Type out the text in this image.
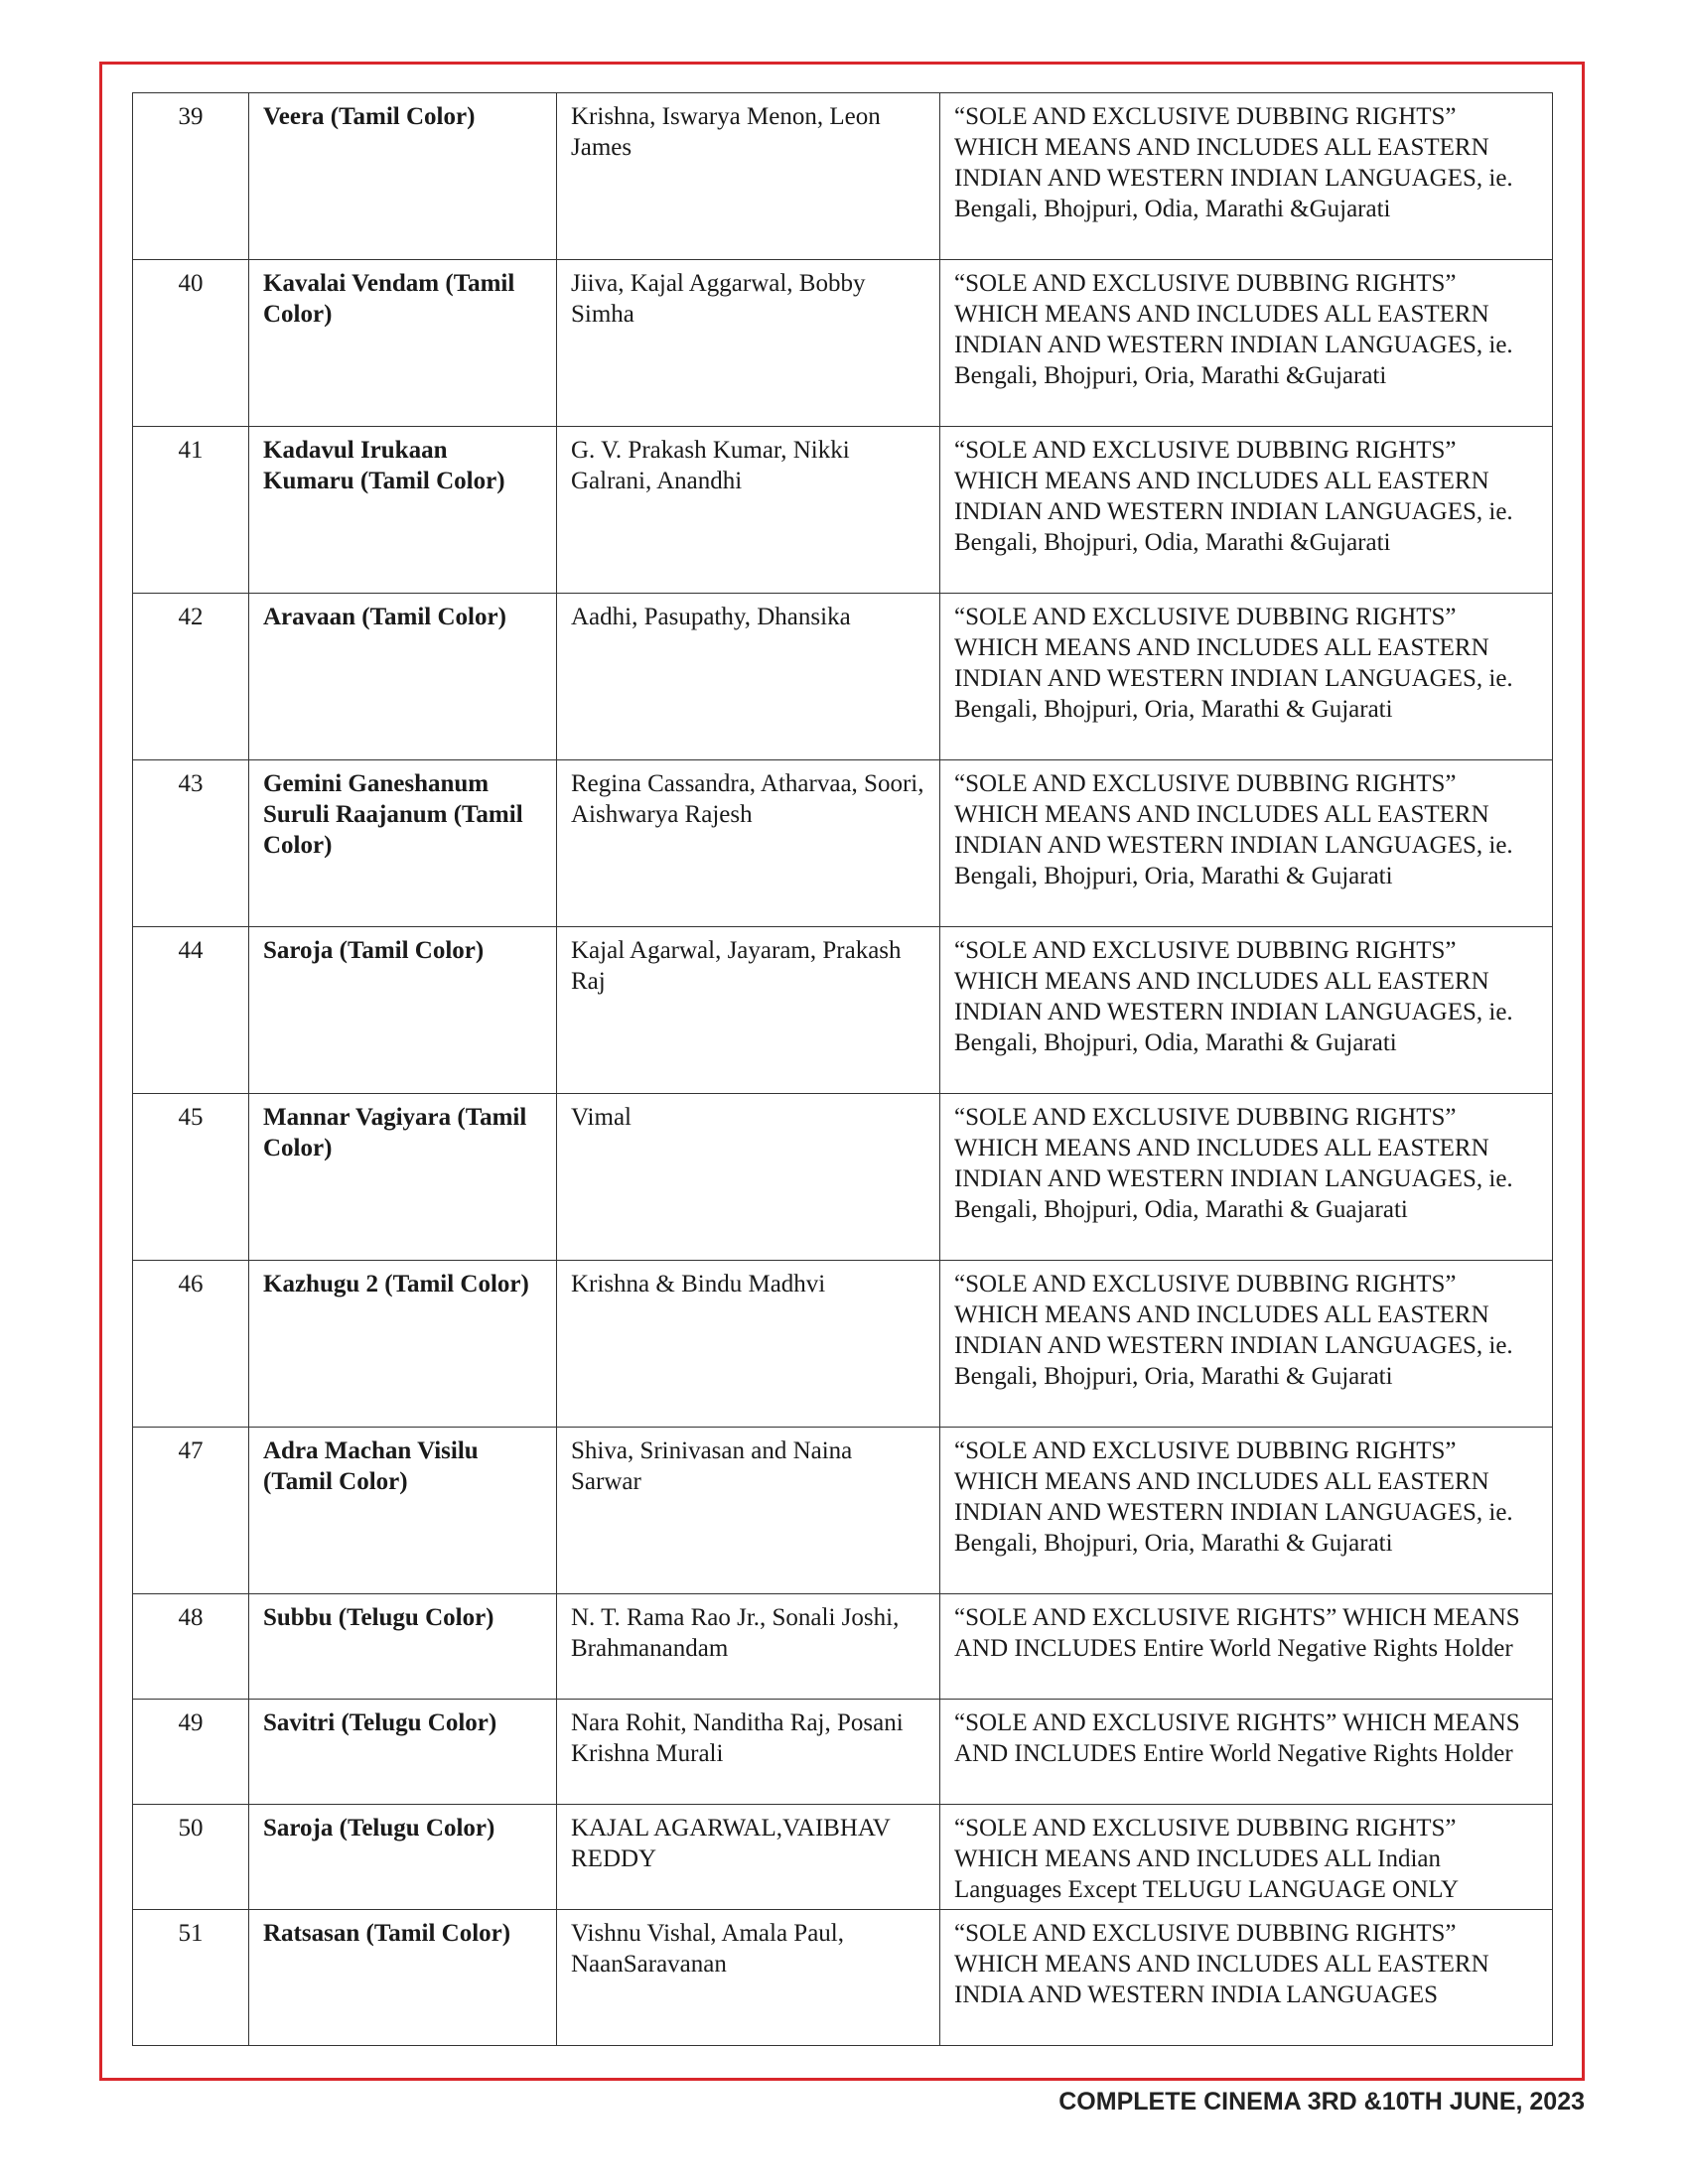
39	Veera (Tamil Color)	Krishna, Iswarya Menon, Leon James	“SOLE AND EXCLUSIVE DUBBING RIGHTS” WHICH MEANS AND INCLUDES ALL EASTERN INDIAN AND WESTERN INDIAN LANGUAGES, ie. Bengali, Bhojpuri, Odia, Marathi &Gujarati
40	Kavalai Vendam (Tamil Color)	Jiiva, Kajal Aggarwal, Bobby Simha	“SOLE AND EXCLUSIVE DUBBING RIGHTS” WHICH MEANS AND INCLUDES ALL EASTERN INDIAN AND WESTERN INDIAN LANGUAGES, ie. Bengali, Bhojpuri, Oria, Marathi &Gujarati
41	Kadavul Irukaan Kumaru (Tamil Color)	G. V. Prakash Kumar, Nikki Galrani, Anandhi	“SOLE AND EXCLUSIVE DUBBING RIGHTS” WHICH MEANS AND INCLUDES ALL EASTERN INDIAN AND WESTERN INDIAN LANGUAGES, ie. Bengali, Bhojpuri, Odia, Marathi &Gujarati
42	Aravaan (Tamil Color)	Aadhi, Pasupathy, Dhansika	“SOLE AND EXCLUSIVE DUBBING RIGHTS” WHICH MEANS AND INCLUDES ALL EASTERN INDIAN AND WESTERN INDIAN LANGUAGES, ie. Bengali, Bhojpuri, Oria, Marathi & Gujarati
43	Gemini Ganeshanum Suruli Raajanum (Tamil Color)	Regina Cassandra, Atharvaa, Soori, Aishwarya Rajesh	“SOLE AND EXCLUSIVE DUBBING RIGHTS” WHICH MEANS AND INCLUDES ALL EASTERN INDIAN AND WESTERN INDIAN LANGUAGES, ie. Bengali, Bhojpuri, Oria, Marathi & Gujarati
44	Saroja (Tamil Color)	Kajal Agarwal, Jayaram, Prakash Raj	“SOLE AND EXCLUSIVE DUBBING RIGHTS” WHICH MEANS AND INCLUDES ALL EASTERN INDIAN AND WESTERN INDIAN LANGUAGES, ie. Bengali, Bhojpuri, Odia, Marathi & Gujarati
45	Mannar Vagiyara (Tamil Color)	Vimal	“SOLE AND EXCLUSIVE DUBBING RIGHTS” WHICH MEANS AND INCLUDES ALL EASTERN INDIAN AND WESTERN INDIAN LANGUAGES, ie. Bengali, Bhojpuri, Odia, Marathi & Guajarati
46	Kazhugu 2 (Tamil Color)	Krishna & Bindu Madhvi	“SOLE AND EXCLUSIVE DUBBING RIGHTS” WHICH MEANS AND INCLUDES ALL EASTERN INDIAN AND WESTERN INDIAN LANGUAGES, ie. Bengali, Bhojpuri, Oria, Marathi & Gujarati
47	Adra Machan Visilu (Tamil Color)	Shiva, Srinivasan and Naina Sarwar	“SOLE AND EXCLUSIVE DUBBING RIGHTS” WHICH MEANS AND INCLUDES ALL EASTERN INDIAN AND WESTERN INDIAN LANGUAGES, ie. Bengali, Bhojpuri, Oria, Marathi & Gujarati
48	Subbu (Telugu Color)	N. T. Rama Rao Jr., Sonali Joshi, Brahmanandam	“SOLE AND EXCLUSIVE RIGHTS” WHICH MEANS AND INCLUDES Entire World Negative Rights Holder
49	Savitri (Telugu Color)	Nara Rohit, Nanditha Raj, Posani Krishna Murali	“SOLE AND EXCLUSIVE RIGHTS” WHICH MEANS AND INCLUDES Entire World Negative Rights Holder
50	Saroja (Telugu Color)	KAJAL AGARWAL,VAIBHAV REDDY	“SOLE AND EXCLUSIVE DUBBING RIGHTS” WHICH MEANS AND INCLUDES ALL Indian Languages Except TELUGU LANGUAGE ONLY
51	Ratsasan (Tamil Color)	Vishnu Vishal, Amala Paul, NaanSaravanan	“SOLE AND EXCLUSIVE DUBBING RIGHTS” WHICH MEANS AND INCLUDES ALL EASTERN INDIA AND WESTERN INDIA LANGUAGES
COMPLETE CINEMA 3RD &10TH JUNE, 2023
